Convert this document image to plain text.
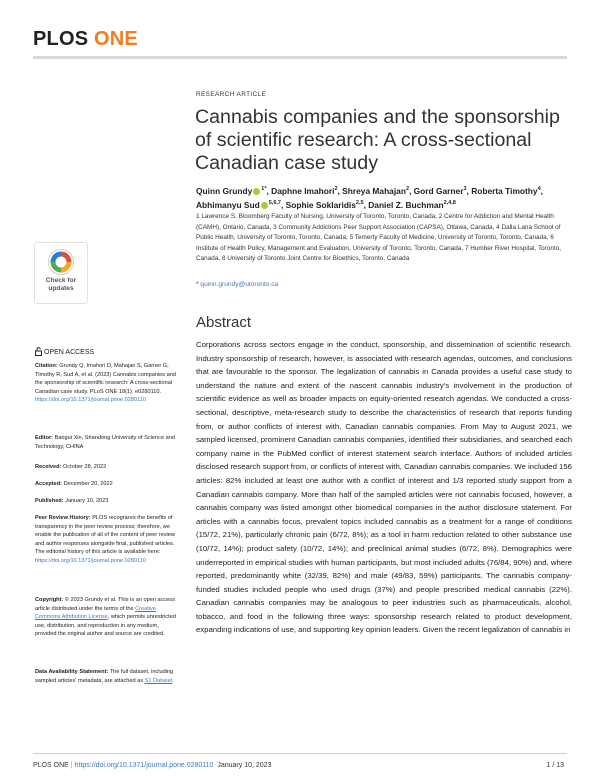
PLOS ONE
RESEARCH ARTICLE
Cannabis companies and the sponsorship of scientific research: A cross-sectional Canadian case study
Quinn Grundy $^{1*}$, Daphne Imahori$^2$, Shreya Mahajan$^2$, Gord Garner$^3$, Roberta Timothy$^4$, Abhimanyu Sud $^{5,6,7}$, Sophie Soklaridis$^{2,5}$, Daniel Z. Buchman$^{2,4,8}$
1 Lawrence S. Bloomberg Faculty of Nursing, University of Toronto, Toronto, Canada, 2 Centre for Addiction and Mental Health (CAMH), Ontario, Canada, 3 Community Addictions Peer Support Association (CAPSA), Ottawa, Canada, 4 Dalla Lana School of Public Health, University of Toronto, Toronto, Canada, 5 Temerty Faculty of Medicine, University of Toronto, Toronto, Canada, 6 Institute of Health Policy, Management and Evaluation, University of Toronto, Toronto, Canada, 7 Humber River Hospital, Toronto, Canada, 8 University of Toronto Joint Centre for Bioethics, Toronto, Canada
* quinn.grundy@utoronto.ca
Abstract

Corporations across sectors engage in the conduct, sponsorship, and dissemination of scientific research. Industry sponsorship of research, however, is associated with research agendas, outcomes, and conclusions that are favourable to the sponsor. The legalization of cannabis in Canada provides a useful case study to understand the nature and extent of the nascent cannabis industry's involvement in the production of scientific evidence as well as broader impacts on equity-oriented research agendas. We conducted a cross-sectional, descriptive, meta-research study to describe the characteristics of research that reports funding from, or author conflicts of interest with, Canadian cannabis companies. From May to August 2021, we sampled licensed, prominent Canadian cannabis companies, identified their subsidiaries, and searched each company name in the PubMed conflict of interest statement search interface. Authors of included articles disclosed research support from, or conflicts of interest with, Canadian cannabis companies. We included 156 articles: 82% included at least one author with a conflict of interest and 1/3 reported study support from a Canadian cannabis company. More than half of the sampled articles were not cannabis focused, however, a cannabis company was listed amongst other biomedical companies in the author disclosure statement. For articles with a cannabis focus, prevalent topics included cannabis as a treatment for a range of conditions (15/72, 21%), particularly chronic pain (6/72, 8%); as a tool in harm reduction related to other substance use (10/72, 14%); product safety (10/72, 14%); and preclinical animal studies (6/72, 8%). Demographics were underreported in empirical studies with human participants, but most included adults (76/84, 90%) and, where reported, predominantly white (32/39, 82%) and male (49/83, 59%) participants. The cannabis company-funded studies included people who used drugs (37%) and people prescribed medical cannabis (22%). Canadian cannabis companies may be analogous to peer industries such as pharmaceuticals, alcohol, tobacco, and food in the following three ways: sponsorship research related to product development, expanding indications of use, and supporting key opinion leaders. Given the recent legalization of cannabis in

Check for updates
OPEN ACCESS
Citation: Grundy Q, Imahori D, Mahajan S, Garner G, Timothy R, Sud A, et al. (2023) Cannabis companies and the sponsorship of scientific research: A cross-sectional Canadian case study. PLoS ONE 18(1): e0280110. https://doi.org/10.1371/journal.pone.0280110
Editor: Baogui Xin, Shandong University of Science and Technology, CHINA
Received: October 28, 2022
Accepted: December 20, 2022
Published: January 10, 2023
Peer Review History: PLOS recognizes the benefits of transparency in the peer review process; therefore, we enable the publication of all of the content of peer review and author responses alongside final, published articles. The editorial history of this article is available here: https://doi.org/10.1371/journal.pone.0280110
Copyright: © 2023 Grundy et al. This is an open access article distributed under the terms of the Creative Commons Attribution License, which permits unrestricted use, distribution, and reproduction in any medium, provided the original author and source are credited.
Data Availability Statement: The full dataset, including sampled articles' metadata, are attached as S1 Dataset.
PLOS ONE | https://doi.org/10.1371/journal.pone.0280110 January 10, 2023	1 / 13
